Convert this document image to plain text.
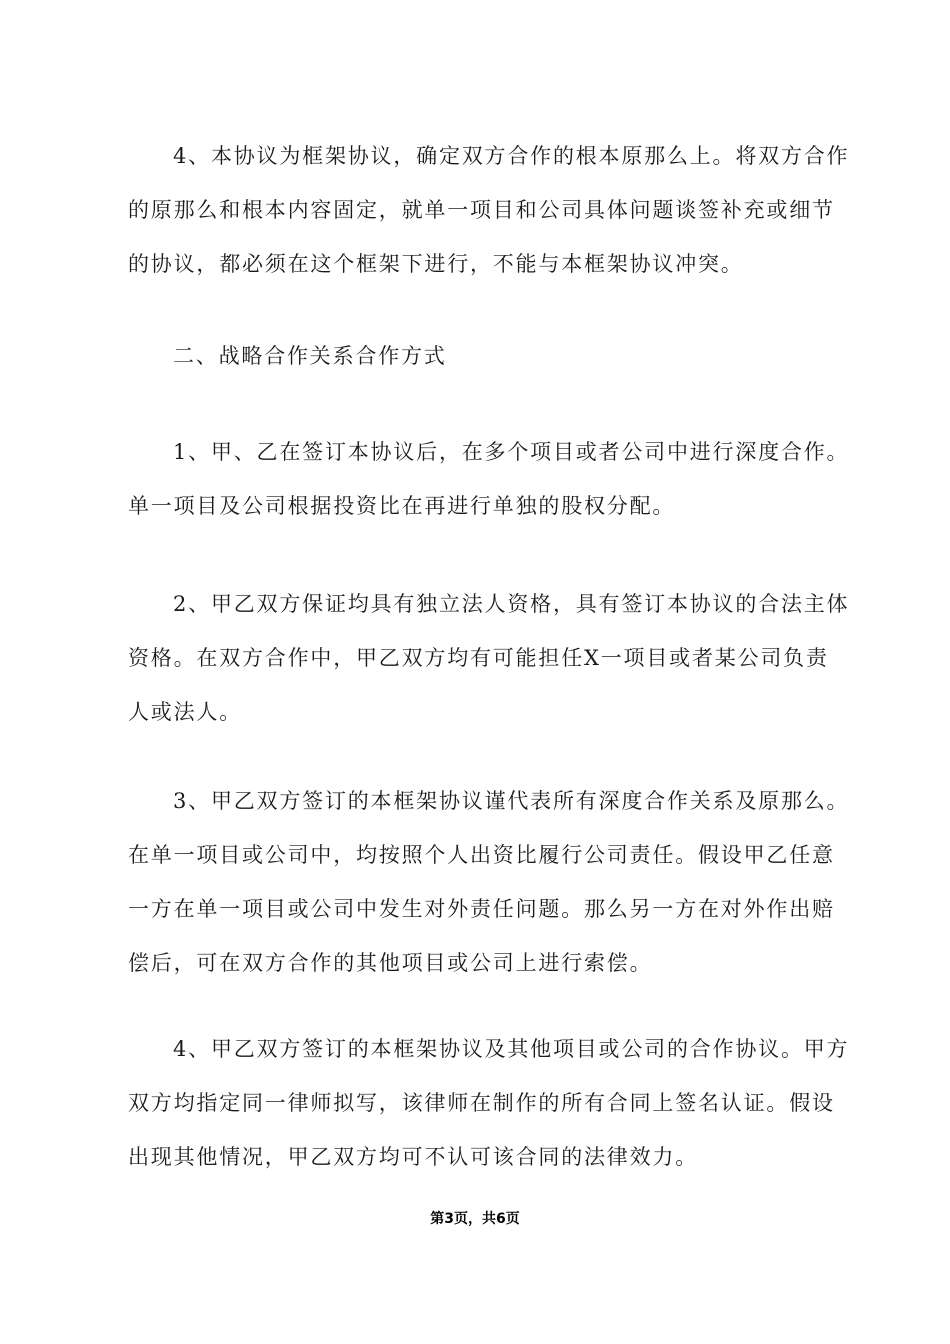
4、本协议为框架协议，确定双方合作的根本原那么上。将双方合作
的原那么和根本内容固定，就单一项目和公司具体问题谈签补充或细节
的协议，都必须在这个框架下进行，不能与本框架协议冲突。
二、战略合作关系合作方式
1、甲、乙在签订本协议后，在多个项目或者公司中进行深度合作。
单一项目及公司根据投资比在再进行单独的股权分配。
2、甲乙双方保证均具有独立法人资格，具有签订本协议的合法主体
资格。在双方合作中，甲乙双方均有可能担任X一项目或者某公司负责
人或法人。
3、甲乙双方签订的本框架协议谨代表所有深度合作关系及原那么。
在单一项目或公司中，均按照个人出资比履行公司责任。假设甲乙任意
一方在单一项目或公司中发生对外责任问题。那么另一方在对外作出赔
偿后，可在双方合作的其他项目或公司上进行索偿。
4、甲乙双方签订的本框架协议及其他项目或公司的合作协议。甲方
双方均指定同一律师拟写，该律师在制作的所有合同上签名认证。假设
出现其他情况，甲乙双方均可不认可该合同的法律效力。
第3页，共6页
